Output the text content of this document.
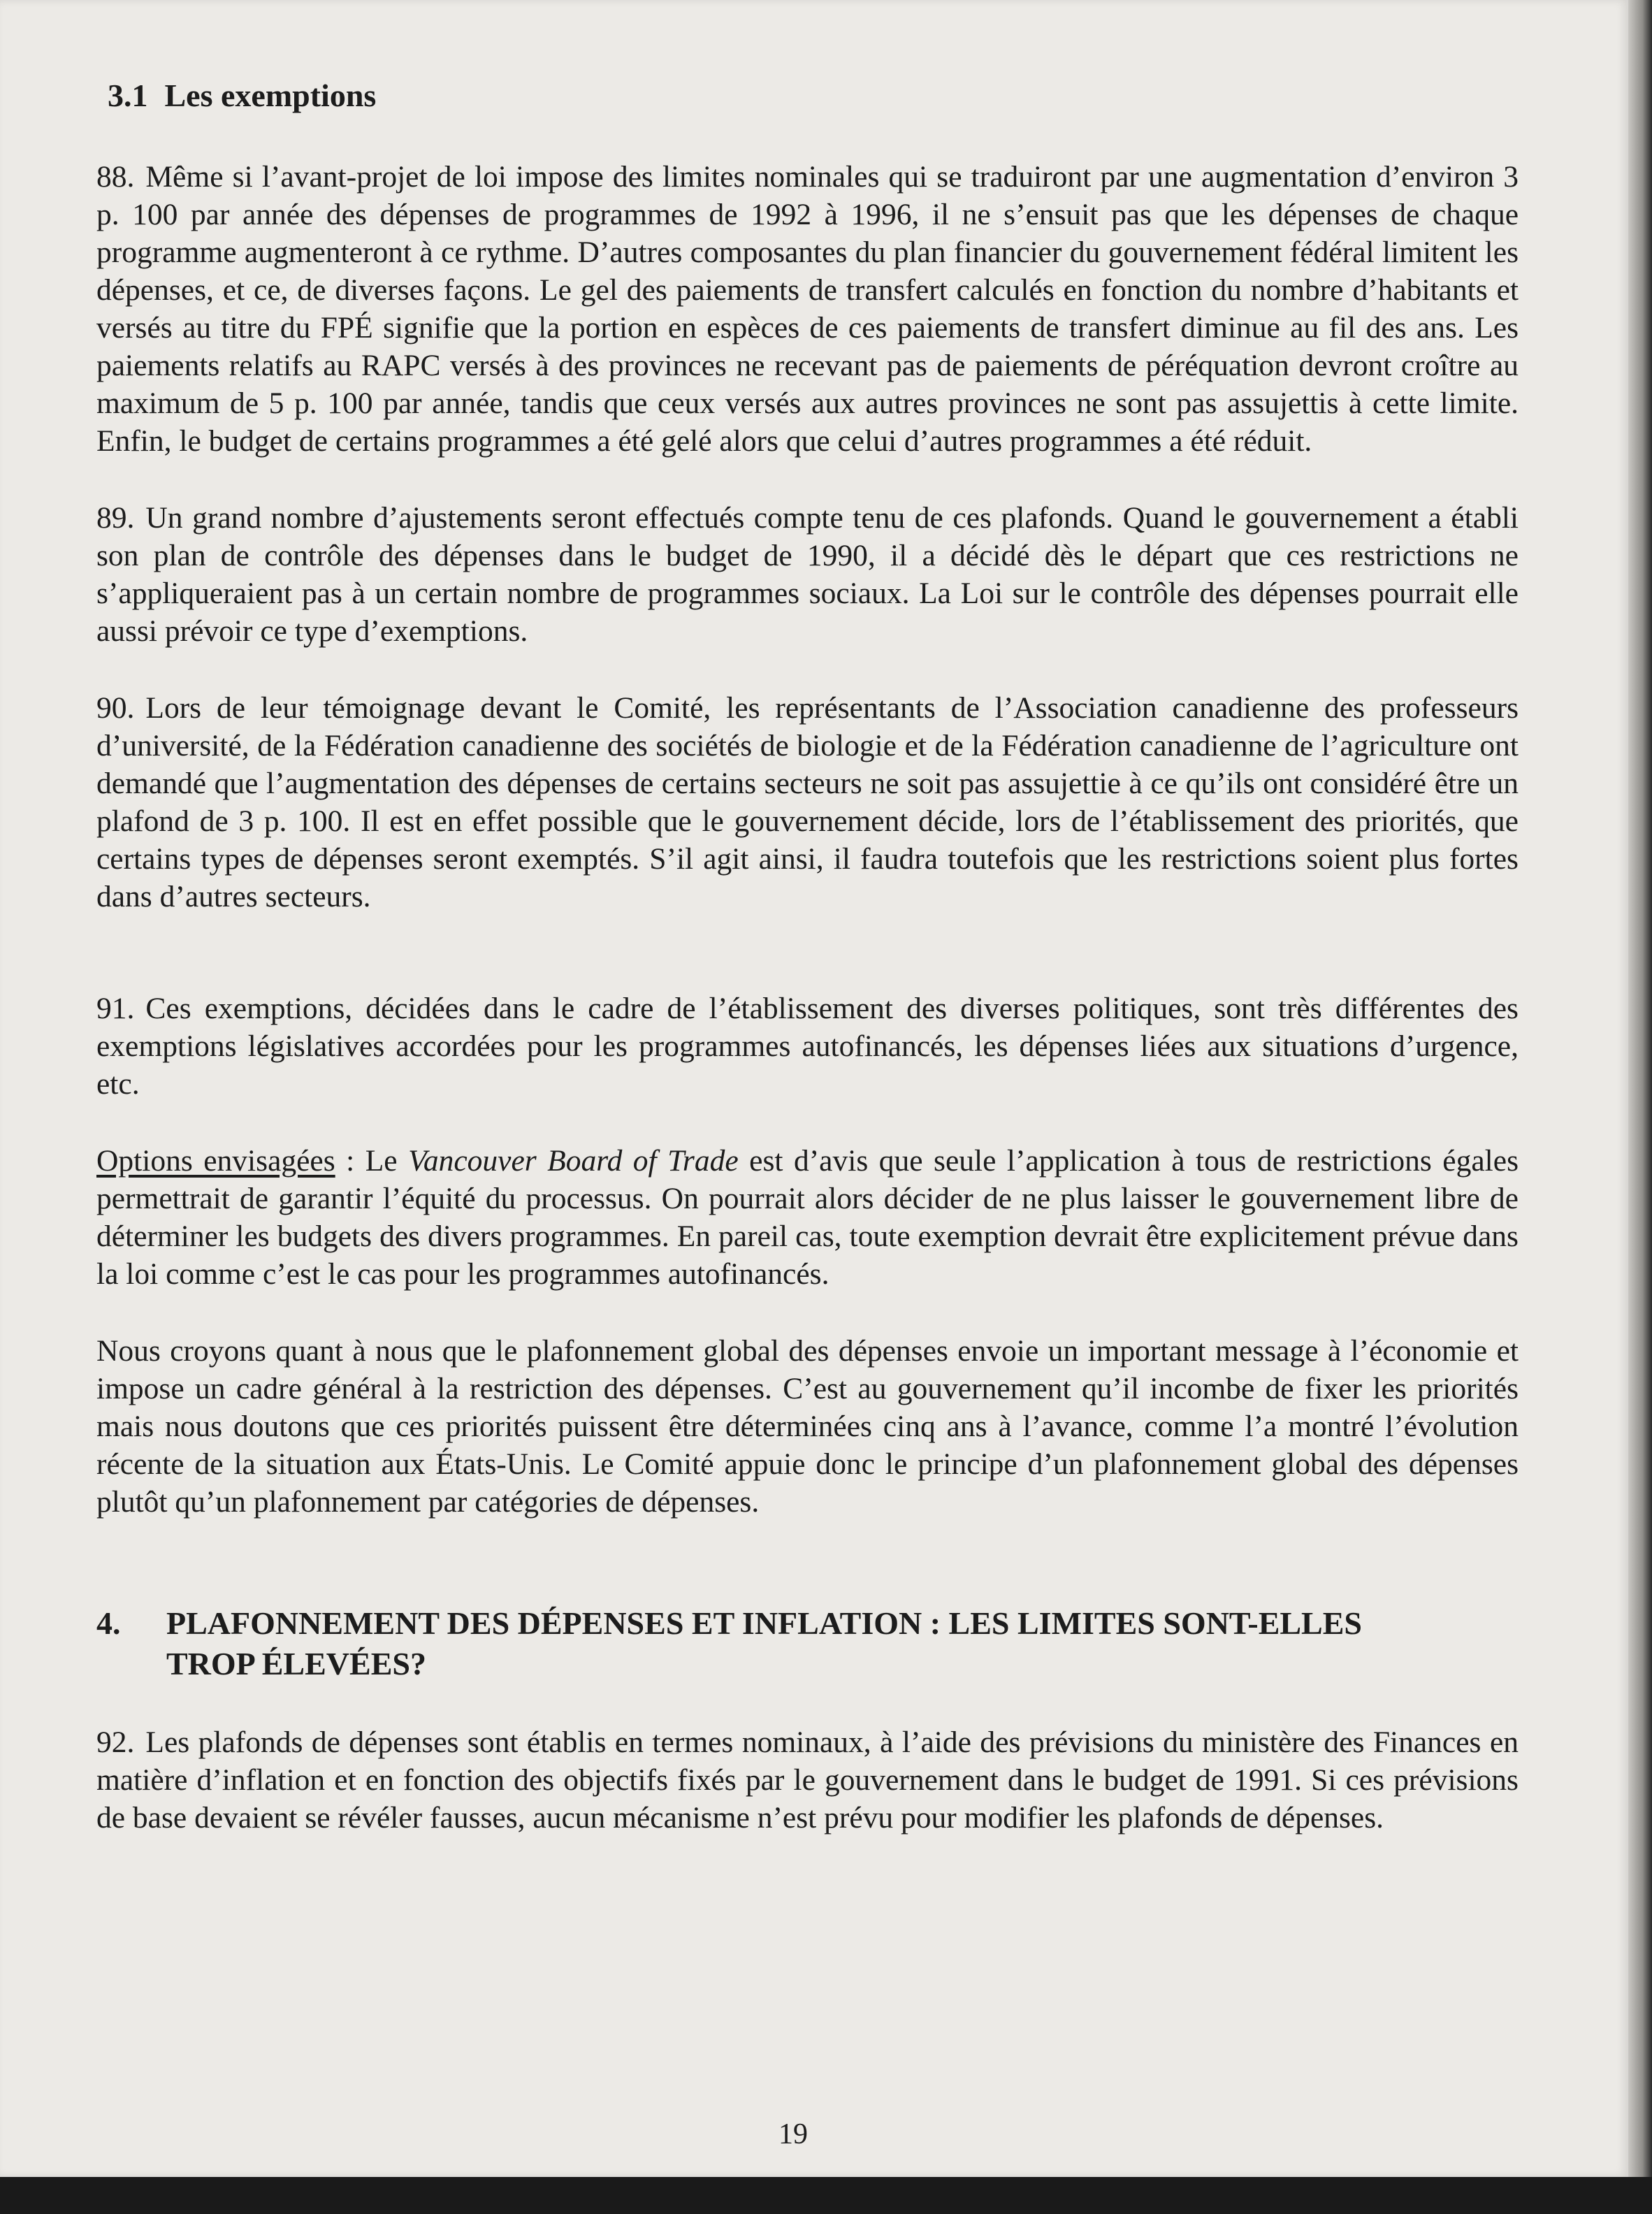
3.1 Les exemptions

88. Même si l’avant-projet de loi impose des limites nominales qui se traduiront par une augmentation d’environ 3 p. 100 par année des dépenses de programmes de 1992 à 1996, il ne s’ensuit pas que les dépenses de chaque programme augmenteront à ce rythme. D’autres composantes du plan financier du gouvernement fédéral limitent les dépenses, et ce, de diverses façons. Le gel des paiements de transfert calculés en fonction du nombre d’habitants et versés au titre du FPÉ signifie que la portion en espèces de ces paiements de transfert diminue au fil des ans. Les paiements relatifs au RAPC versés à des provinces ne recevant pas de paiements de péréquation devront croître au maximum de 5 p. 100 par année, tandis que ceux versés aux autres provinces ne sont pas assujettis à cette limite. Enfin, le budget de certains programmes a été gelé alors que celui d’autres programmes a été réduit.

89. Un grand nombre d’ajustements seront effectués compte tenu de ces plafonds. Quand le gouvernement a établi son plan de contrôle des dépenses dans le budget de 1990, il a décidé dès le départ que ces restrictions ne s’appliqueraient pas à un certain nombre de programmes sociaux. La Loi sur le contrôle des dépenses pourrait elle aussi prévoir ce type d’exemptions.

90. Lors de leur témoignage devant le Comité, les représentants de l’Association canadienne des professeurs d’université, de la Fédération canadienne des sociétés de biologie et de la Fédération canadienne de l’agriculture ont demandé que l’augmentation des dépenses de certains secteurs ne soit pas assujettie à ce qu’ils ont considéré être un plafond de 3 p. 100. Il est en effet possible que le gouvernement décide, lors de l’établissement des priorités, que certains types de dépenses seront exemptés. S’il agit ainsi, il faudra toutefois que les restrictions soient plus fortes dans d’autres secteurs.

91. Ces exemptions, décidées dans le cadre de l’établissement des diverses politiques, sont très différentes des exemptions législatives accordées pour les programmes autofinancés, les dépenses liées aux situations d’urgence, etc.

Options envisagées : Le Vancouver Board of Trade est d’avis que seule l’application à tous de restrictions égales permettrait de garantir l’équité du processus. On pourrait alors décider de ne plus laisser le gouvernement libre de déterminer les budgets des divers programmes. En pareil cas, toute exemption devrait être explicitement prévue dans la loi comme c’est le cas pour les programmes autofinancés.

Nous croyons quant à nous que le plafonnement global des dépenses envoie un important message à l’économie et impose un cadre général à la restriction des dépenses. C’est au gouvernement qu’il incombe de fixer les priorités mais nous doutons que ces priorités puissent être déterminées cinq ans à l’avance, comme l’a montré l’évolution récente de la situation aux États-Unis. Le Comité appuie donc le principe d’un plafonnement global des dépenses plutôt qu’un plafonnement par catégories de dépenses.

4.	PLAFONNEMENT DES DÉPENSES ET INFLATION : LES LIMITES SONT-ELLES TROP ÉLEVÉES?

92. Les plafonds de dépenses sont établis en termes nominaux, à l’aide des prévisions du ministère des Finances en matière d’inflation et en fonction des objectifs fixés par le gouvernement dans le budget de 1991. Si ces prévisions de base devaient se révéler fausses, aucun mécanisme n’est prévu pour modifier les plafonds de dépenses.

19
